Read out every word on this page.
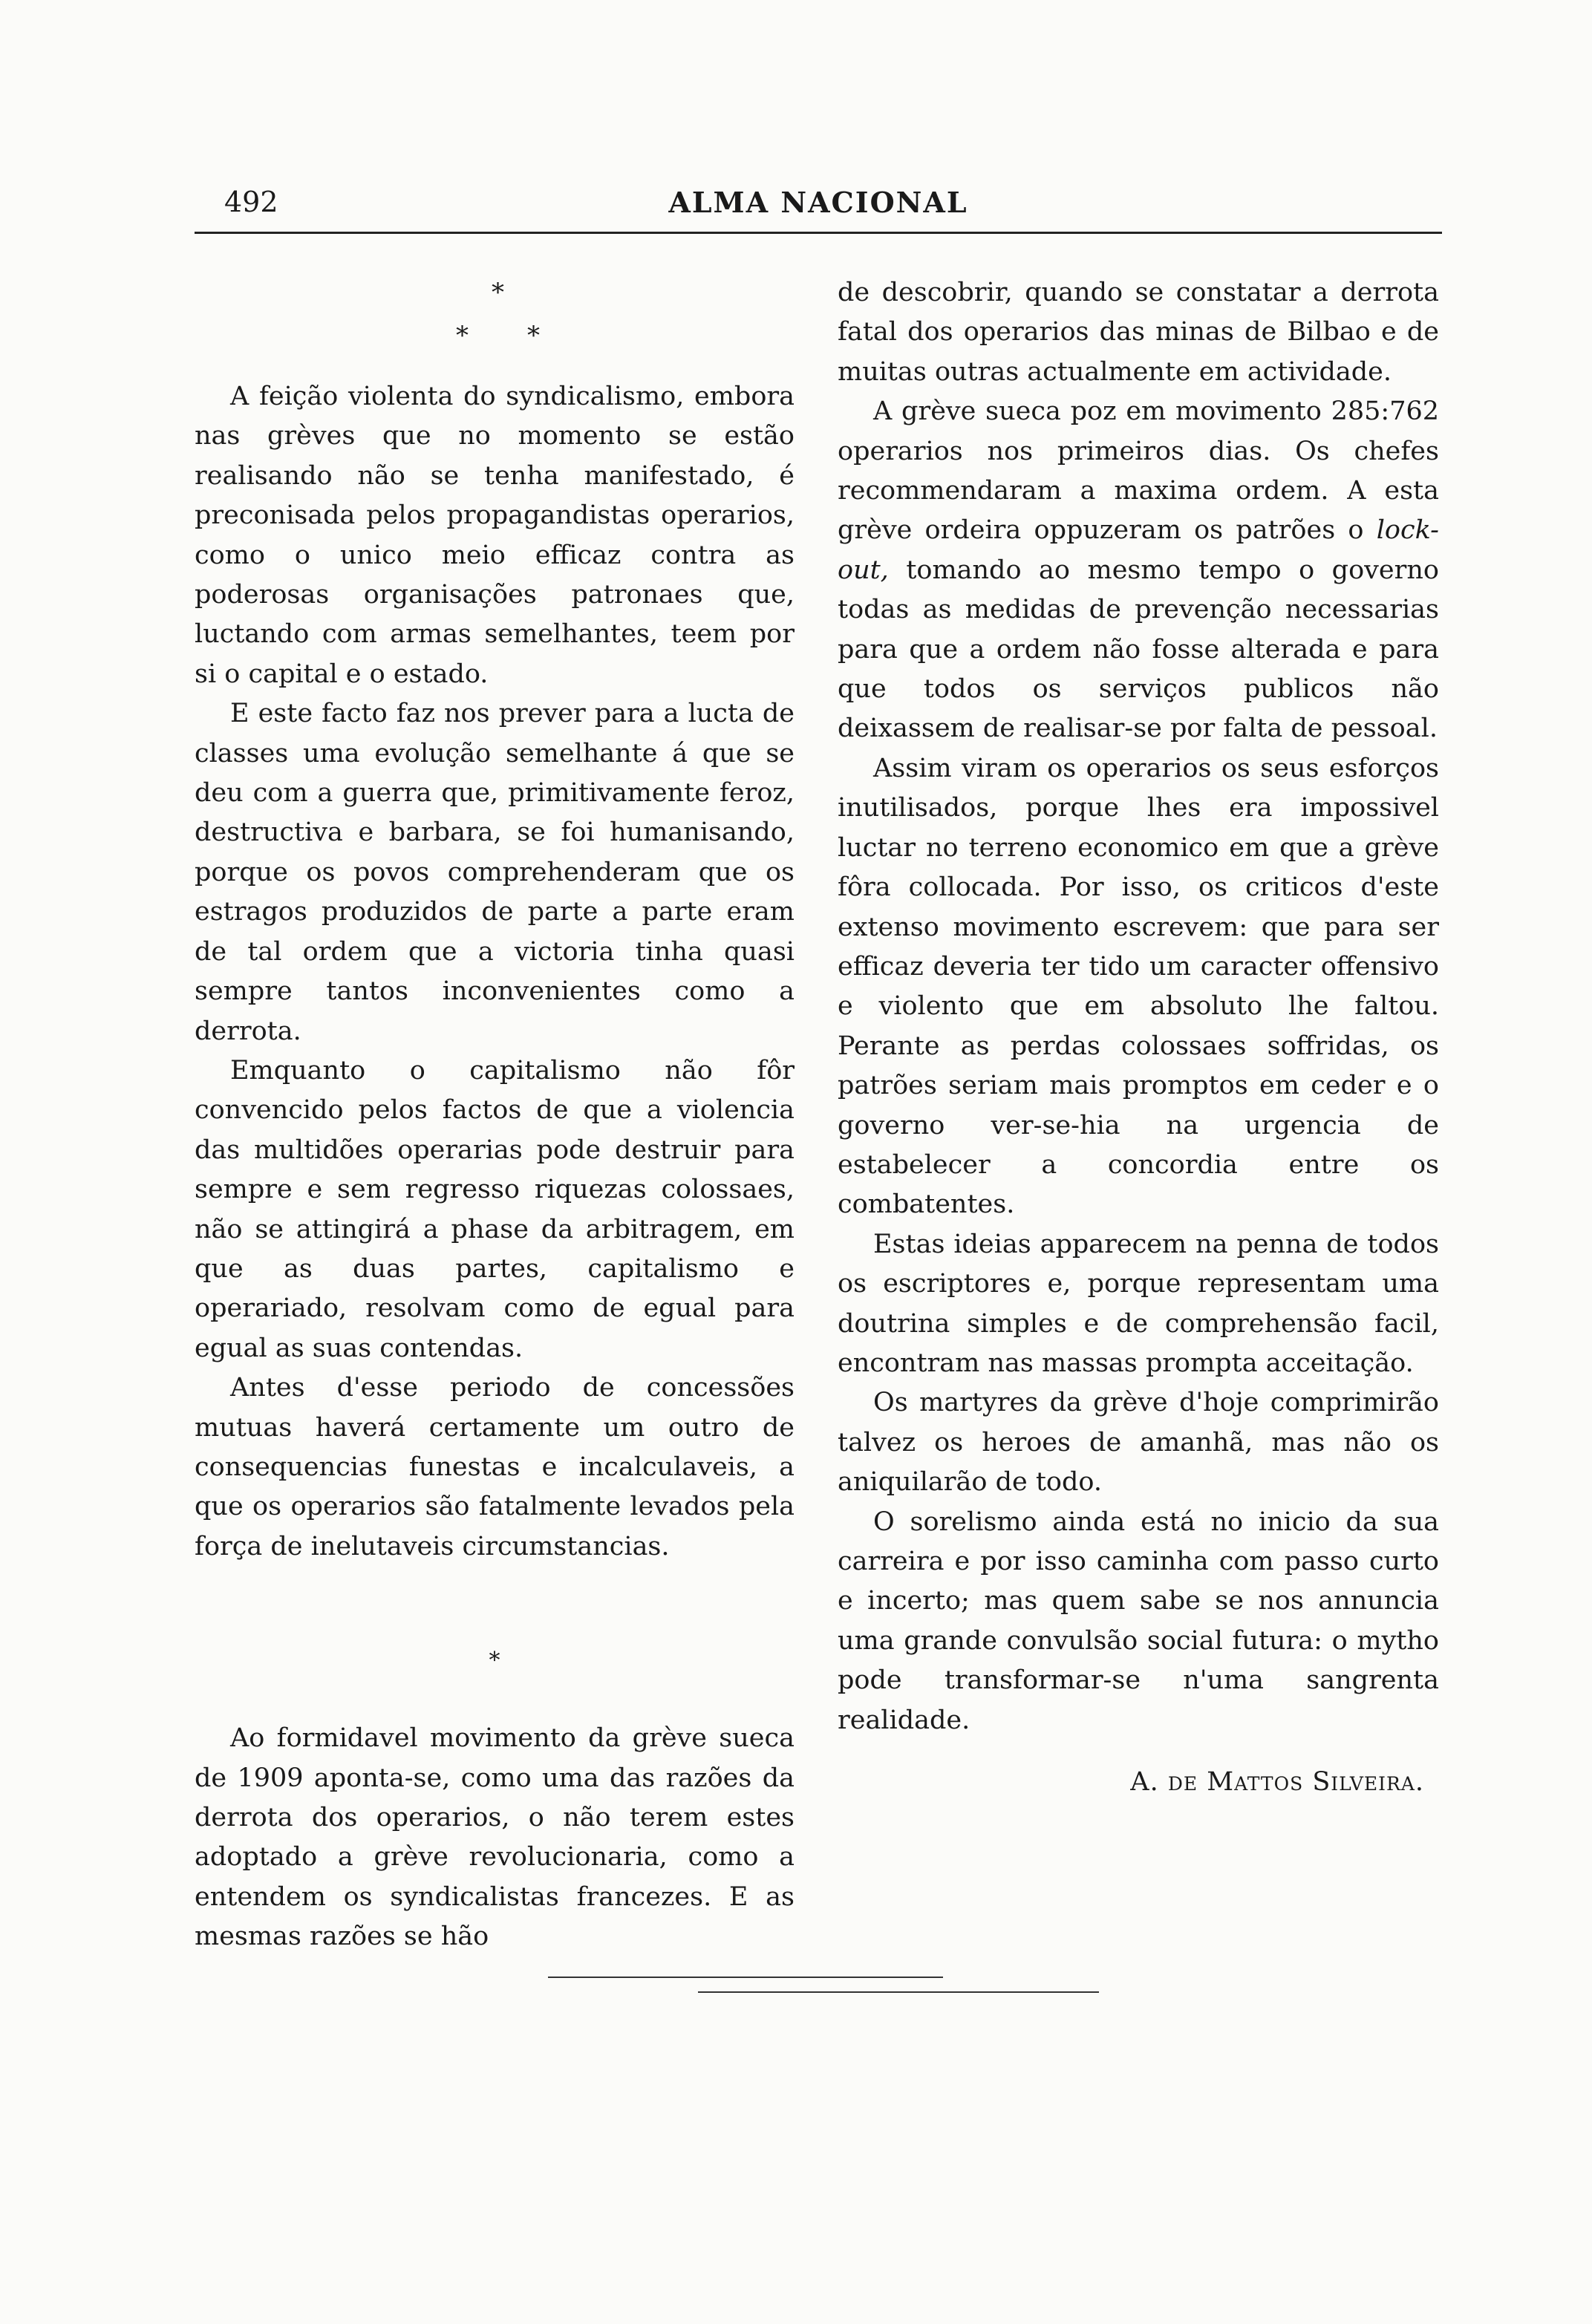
492	ALMA NACIONAL
*
* *

A feição violenta do syndicalismo, embora nas grèves que no momento se estão realisando não se tenha manifestado, é preconisada pelos propagandistas operarios, como o unico meio efficaz contra as poderosas organisações patronaes que, luctando com armas semelhantes, teem por si o capital e o estado.

E este facto faz nos prever para a lucta de classes uma evolução semelhante á que se deu com a guerra que, primitivamente feroz, destructiva e barbara, se foi humanisando, porque os povos comprehenderam que os estragos produzidos de parte a parte eram de tal ordem que a victoria tinha quasi sempre tantos inconvenientes como a derrota.

Emquanto o capitalismo não fôr convencido pelos factos de que a violencia das multidões operarias pode destruir para sempre e sem regresso riquezas colossaes, não se attingirá a phase da arbitragem, em que as duas partes, capitalismo e operariado, resolvam como de egual para egual as suas contendas.

Antes d'esse periodo de concessões mutuas haverá certamente um outro de consequencias funestas e incalculaveis, a que os operarios são fatalmente levados pela força de inelutaveis circumstancias.

*

Ao formidavel movimento da grève sueca de 1909 aponta-se, como uma das razões da derrota dos operarios, o não terem estes adoptado a grève revolucionaria, como a entendem os syndicalistas francezes. E as mesmas razões se hão

de descobrir, quando se constatar a derrota fatal dos operarios das minas de Bilbao e de muitas outras actualmente em actividade.

A grève sueca poz em movimento 285:762 operarios nos primeiros dias. Os chefes recommendaram a maxima ordem. A esta grève ordeira oppuzeram os patrões o lock-out, tomando ao mesmo tempo o governo todas as medidas de prevenção necessarias para que a ordem não fosse alterada e para que todos os serviços publicos não deixassem de realisar-se por falta de pessoal.

Assim viram os operarios os seus esforços inutilisados, porque lhes era impossivel luctar no terreno economico em que a grève fôra collocada. Por isso, os criticos d'este extenso movimento escrevem: que para ser efficaz deveria ter tido um caracter offensivo e violento que em absoluto lhe faltou. Perante as perdas colossaes soffridas, os patrões seriam mais promptos em ceder e o governo ver-se-hia na urgencia de estabelecer a concordia entre os combatentes.

Estas ideias apparecem na penna de todos os escriptores e, porque representam uma doutrina simples e de comprehensão facil, encontram nas massas prompta acceitação.

Os martyres da grève d'hoje comprimirão talvez os heroes de amanhã, mas não os aniquilarão de todo.

O sorelismo ainda está no inicio da sua carreira e por isso caminha com passo curto e incerto; mas quem sabe se nos annuncia uma grande convulsão social futura: o mytho pode transformar-se n'uma sangrenta realidade.

A. de Mattos Silveira.
